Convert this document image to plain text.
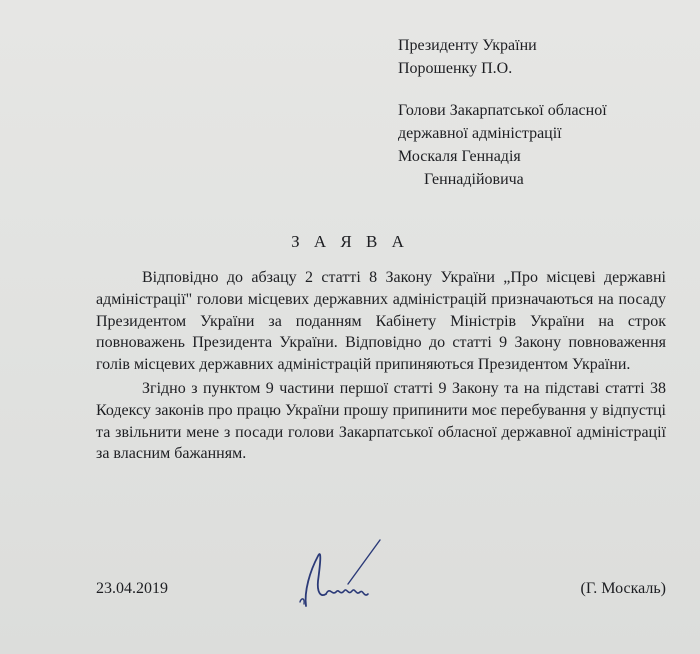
Президенту України
Порошенку П.О.
Голови Закарпатської обласної
державної адміністрації
Москаля Геннадія
Геннадійовича
З А Я В А

Відповідно до абзацу 2 статті 8 Закону України „Про місцеві державні адміністрації" голови місцевих державних адміністрацій призначаються на посаду Президентом України за поданням Кабінету Міністрів України на строк повноважень Президента України. Відповідно до статті 9 Закону повноваження голів місцевих державних адміністрацій припиняються Президентом України.

Згідно з пунктом 9 частини першої статті 9 Закону та на підставі статті 38 Кодексу законів про працю України прошу припинити моє перебування у відпустці та звільнити мене з посади голови Закарпатської обласної державної адміністрації за власним бажанням.

23.04.2019	(Г. Москаль)
